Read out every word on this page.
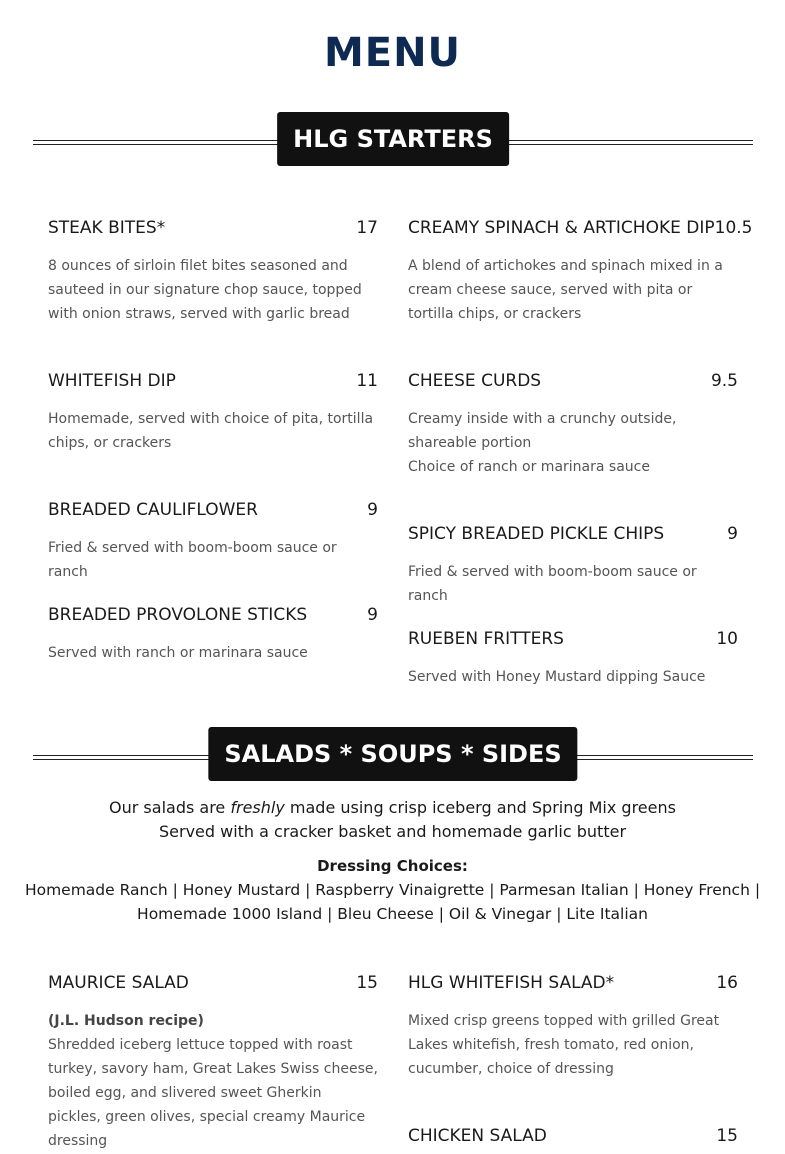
MENU
HLG STARTERS
STEAK BITES*	17
8 ounces of sirloin filet bites seasoned and sauteed in our signature chop sauce, topped with onion straws, served with garlic bread
WHITEFISH DIP	11
Homemade, served with choice of pita, tortilla chips, or crackers
BREADED CAULIFLOWER	9
Fried & served with boom-boom sauce or ranch
BREADED PROVOLONE STICKS	9
Served with ranch or marinara sauce
CREAMY SPINACH & ARTICHOKE DIP 10.5
A blend of artichokes and spinach mixed in a cream cheese sauce, served with pita or tortilla chips, or crackers
CHEESE CURDS	9.5
Creamy inside with a crunchy outside, shareable portion
Choice of ranch or marinara sauce
SPICY BREADED PICKLE CHIPS	9
Fried & served with boom-boom sauce or ranch
RUEBEN FRITTERS	10
Served with Honey Mustard dipping Sauce
SALADS * SOUPS * SIDES
Our salads are freshly made using crisp iceberg and Spring Mix greens
Served with a cracker basket and homemade garlic butter
Dressing Choices:
Homemade Ranch | Honey Mustard | Raspberry Vinaigrette | Parmesan Italian | Honey French |
Homemade 1000 Island | Bleu Cheese | Oil & Vinegar | Lite Italian
MAURICE SALAD	15
(J.L. Hudson recipe)
Shredded iceberg lettuce topped with roast turkey, savory ham, Great Lakes Swiss cheese, boiled egg, and slivered sweet Gherkin pickles, green olives, special creamy Maurice dressing
HLG WHITEFISH SALAD*	16
Mixed crisp greens topped with grilled Great Lakes whitefish, fresh tomato, red onion, cucumber, choice of dressing
CHICKEN SALAD	15
